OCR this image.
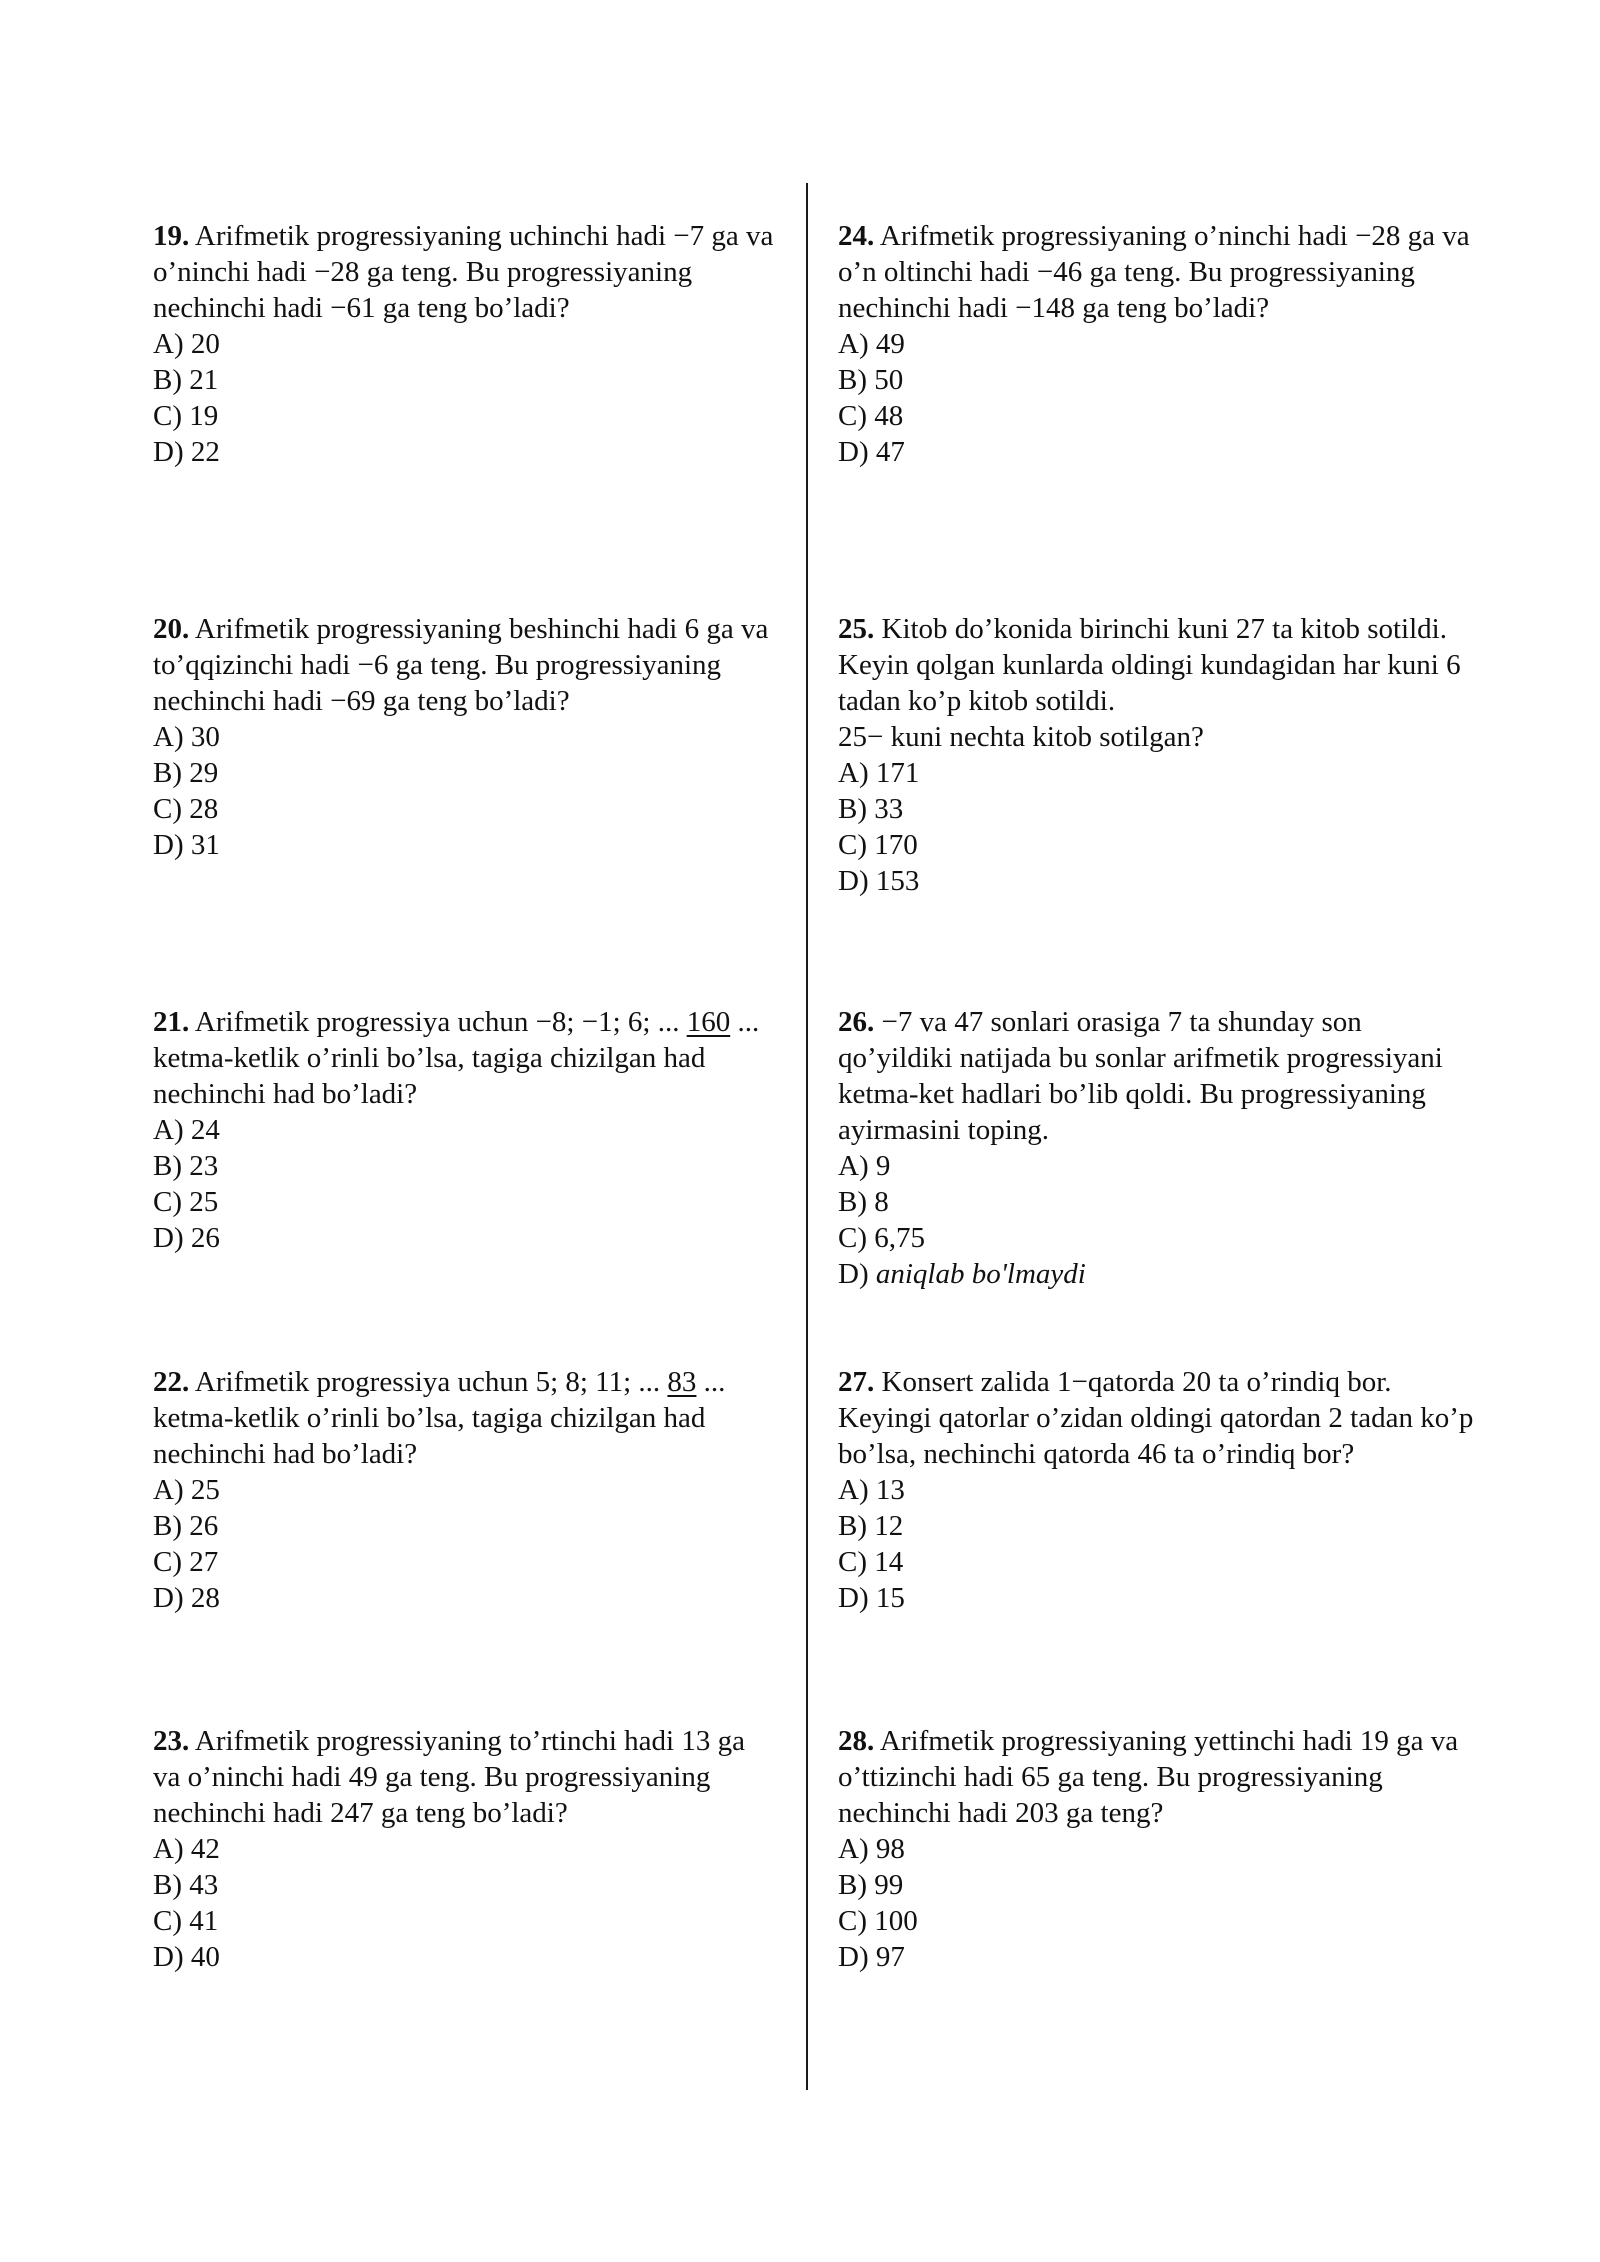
19. Arifmetik progressiyaning uchinchi hadi −7 ga va o’ninchi hadi −28 ga teng. Bu progressiyaning nechinchi hadi −61 ga teng bo’ladi?
A) 20
B) 21
C) 19
D) 22
20. Arifmetik progressiyaning beshinchi hadi 6 ga va to’qqizinchi hadi −6 ga teng. Bu progressiyaning nechinchi hadi −69 ga teng bo’ladi?
A) 30
B) 29
C) 28
D) 31
21. Arifmetik progressiya uchun −8; −1; 6; ... 160 ... ketma-ketlik o’rinli bo’lsa, tagiga chizilgan had nechinchi had bo’ladi?
A) 24
B) 23
C) 25
D) 26
22. Arifmetik progressiya uchun 5; 8; 11; ... 83 ... ketma-ketlik o’rinli bo’lsa, tagiga chizilgan had nechinchi had bo’ladi?
A) 25
B) 26
C) 27
D) 28
23. Arifmetik progressiyaning to’rtinchi hadi 13 ga va o’ninchi hadi 49 ga teng. Bu progressiyaning nechinchi hadi 247 ga teng bo’ladi?
A) 42
B) 43
C) 41
D) 40
24. Arifmetik progressiyaning o’ninchi hadi −28 ga va o’n oltinchi hadi −46 ga teng. Bu progressiyaning nechinchi hadi −148 ga teng bo’ladi?
A) 49
B) 50
C) 48
D) 47
25. Kitob do’konida birinchi kuni 27 ta kitob sotildi. Keyin qolgan kunlarda oldingi kundagidan har kuni 6 tadan ko’p kitob sotildi.
25− kuni nechta kitob sotilgan?
A) 171
B) 33
C) 170
D) 153
26. −7 va 47 sonlari orasiga 7 ta shunday son qo’yildiki natijada bu sonlar arifmetik progressiyani ketma-ket hadlari bo’lib qoldi. Bu progressiyaning ayirmasini toping.
A) 9
B) 8
C) 6,75
D) aniqlab bo'lmaydi
27. Konsert zalida 1−qatorda 20 ta o’rindiq bor. Keyingi qatorlar o’zidan oldingi qatordan 2 tadan ko’p bo’lsa, nechinchi qatorda 46 ta o’rindiq bor?
A) 13
B) 12
C) 14
D) 15
28. Arifmetik progressiyaning yettinchi hadi 19 ga va o’ttizinchi hadi 65 ga teng. Bu progressiyaning nechinchi hadi 203 ga teng?
A) 98
B) 99
C) 100
D) 97
